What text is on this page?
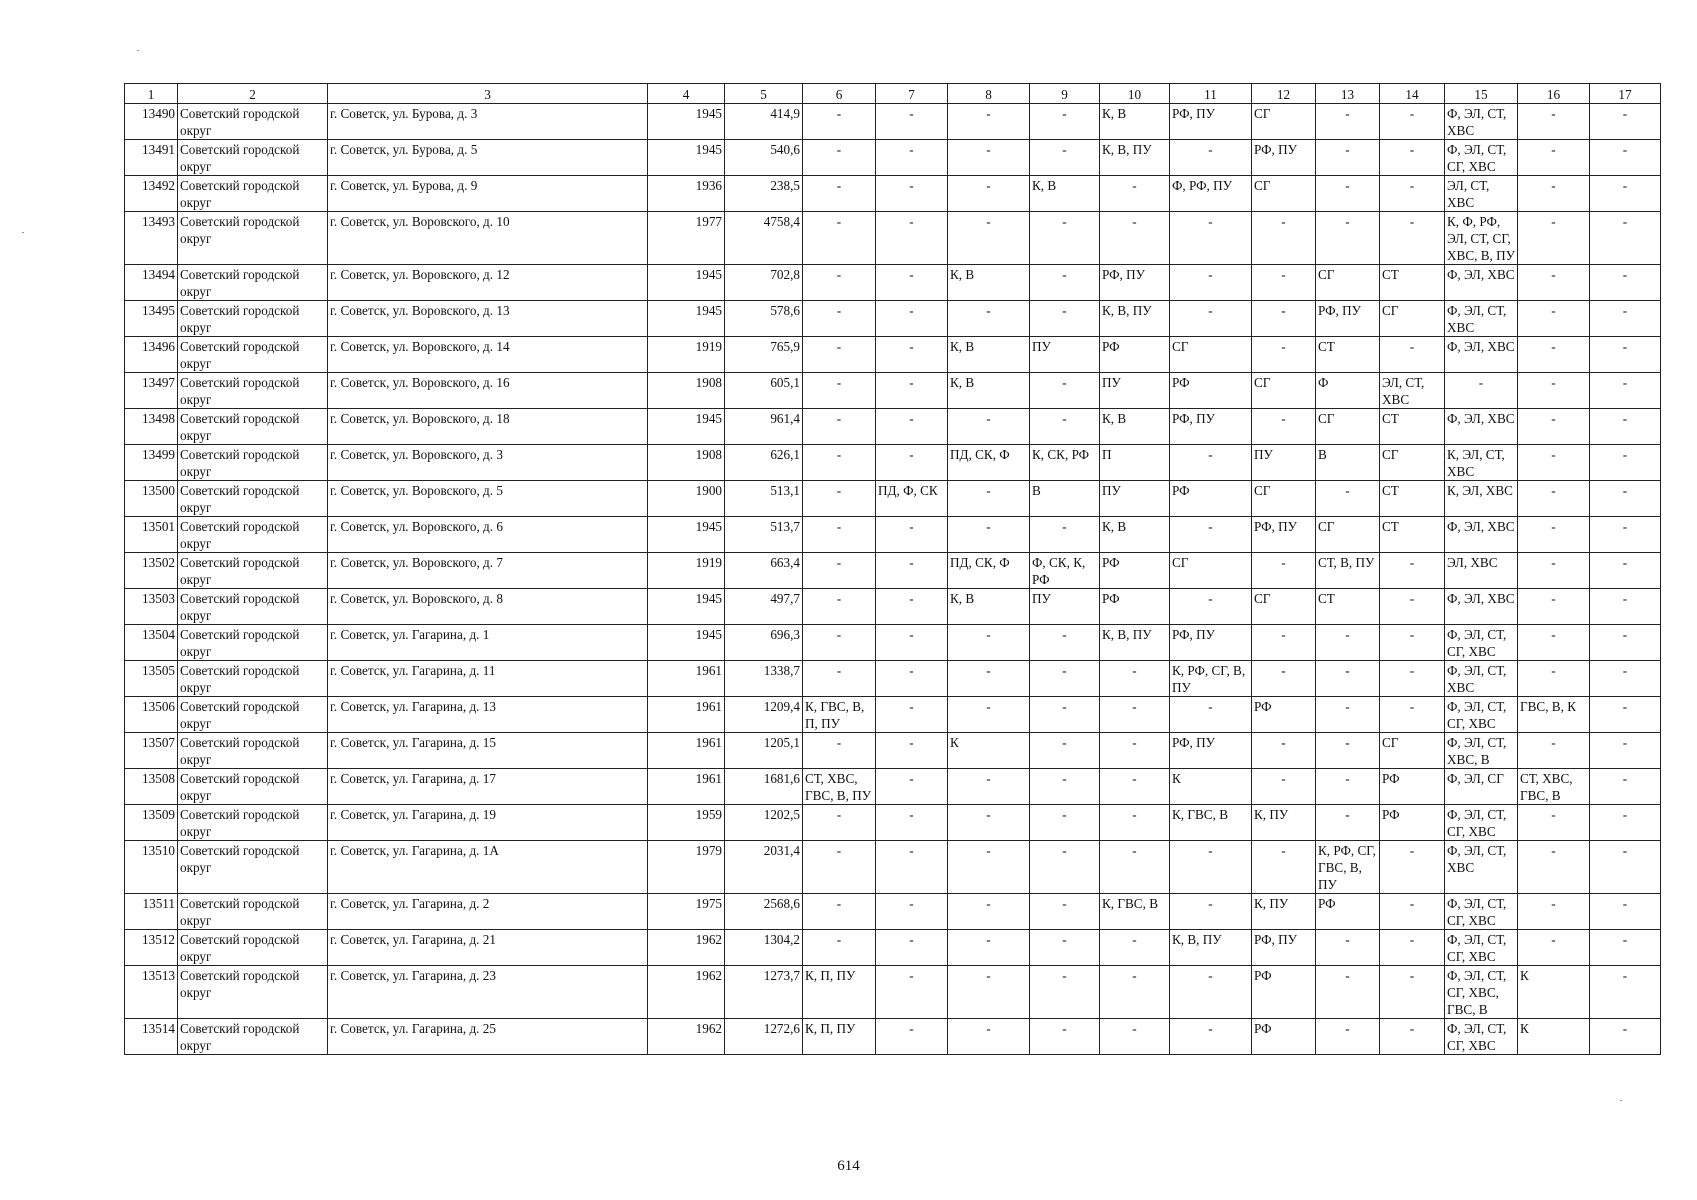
1	2	3	4	5	6	7	8	9	10	11	12	13	14	15	16	17
13490	Советский городской округ	г. Советск, ул. Бурова, д. 3	1945	414,9	-	-	-	-	К, В	РФ, ПУ	СГ	-	-	Ф, ЭЛ, СТ, ХВС	-	-
13491	Советский городской округ	г. Советск, ул. Бурова, д. 5	1945	540,6	-	-	-	-	К, В, ПУ	-	РФ, ПУ	-	-	Ф, ЭЛ, СТ, СГ, ХВС	-	-
13492	Советский городской округ	г. Советск, ул. Бурова, д. 9	1936	238,5	-	-	-	К, В	-	Ф, РФ, ПУ	СГ	-	-	ЭЛ, СТ, ХВС	-	-
13493	Советский городской округ	г. Советск, ул. Воровского, д. 10	1977	4758,4	-	-	-	-	-	-	-	-	-	К, Ф, РФ, ЭЛ, СТ, СГ, ХВС, В, ПУ	-	-
13494	Советский городской округ	г. Советск, ул. Воровского, д. 12	1945	702,8	-	-	К, В	-	РФ, ПУ	-	-	СГ	СТ	Ф, ЭЛ, ХВС	-	-
13495	Советский городской округ	г. Советск, ул. Воровского, д. 13	1945	578,6	-	-	-	-	К, В, ПУ	-	-	РФ, ПУ	СГ	Ф, ЭЛ, СТ, ХВС	-	-
13496	Советский городской округ	г. Советск, ул. Воровского, д. 14	1919	765,9	-	-	К, В	ПУ	РФ	СГ	-	СТ	-	Ф, ЭЛ, ХВС	-	-
13497	Советский городской округ	г. Советск, ул. Воровского, д. 16	1908	605,1	-	-	К, В	-	ПУ	РФ	СГ	Ф	ЭЛ, СТ, ХВС	-	-	-
13498	Советский городской округ	г. Советск, ул. Воровского, д. 18	1945	961,4	-	-	-	-	К, В	РФ, ПУ	-	СГ	СТ	Ф, ЭЛ, ХВС	-	-
13499	Советский городской округ	г. Советск, ул. Воровского, д. 3	1908	626,1	-	-	ПД, СК, Ф	К, СК, РФ	П	-	ПУ	В	СГ	К, ЭЛ, СТ, ХВС	-	-
13500	Советский городской округ	г. Советск, ул. Воровского, д. 5	1900	513,1	-	ПД, Ф, СК	-	В	ПУ	РФ	СГ	-	СТ	К, ЭЛ, ХВС	-	-
13501	Советский городской округ	г. Советск, ул. Воровского, д. 6	1945	513,7	-	-	-	-	К, В	-	РФ, ПУ	СГ	СТ	Ф, ЭЛ, ХВС	-	-
13502	Советский городской округ	г. Советск, ул. Воровского, д. 7	1919	663,4	-	-	ПД, СК, Ф	Ф, СК, К, РФ	РФ	СГ	-	СТ, В, ПУ	-	ЭЛ, ХВС	-	-
13503	Советский городской округ	г. Советск, ул. Воровского, д. 8	1945	497,7	-	-	К, В	ПУ	РФ	-	СГ	СТ	-	Ф, ЭЛ, ХВС	-	-
13504	Советский городской округ	г. Советск, ул. Гагарина, д. 1	1945	696,3	-	-	-	-	К, В, ПУ	РФ, ПУ	-	-	-	Ф, ЭЛ, СТ, СГ, ХВС	-	-
13505	Советский городской округ	г. Советск, ул. Гагарина, д. 11	1961	1338,7	-	-	-	-	-	К, РФ, СГ, В, ПУ	-	-	-	Ф, ЭЛ, СТ, ХВС	-	-
13506	Советский городской округ	г. Советск, ул. Гагарина, д. 13	1961	1209,4	К, ГВС, В, П, ПУ	-	-	-	-	-	РФ	-	-	Ф, ЭЛ, СТ, СГ, ХВС	ГВС, В, К	-
13507	Советский городской округ	г. Советск, ул. Гагарина, д. 15	1961	1205,1	-	-	К	-	-	РФ, ПУ	-	-	СГ	Ф, ЭЛ, СТ, ХВС, В	-	-
13508	Советский городской округ	г. Советск, ул. Гагарина, д. 17	1961	1681,6	СТ, ХВС, ГВС, В, ПУ	-	-	-	-	К	-	-	РФ	Ф, ЭЛ, СГ	СТ, ХВС, ГВС, В	-
13509	Советский городской округ	г. Советск, ул. Гагарина, д. 19	1959	1202,5	-	-	-	-	-	К, ГВС, В	К, ПУ	-	РФ	Ф, ЭЛ, СТ, СГ, ХВС	-	-
13510	Советский городской округ	г. Советск, ул. Гагарина, д. 1А	1979	2031,4	-	-	-	-	-	-	-	К, РФ, СГ, ГВС, В, ПУ	-	Ф, ЭЛ, СТ, ХВС	-	-
13511	Советский городской округ	г. Советск, ул. Гагарина, д. 2	1975	2568,6	-	-	-	-	К, ГВС, В	-	К, ПУ	РФ	-	Ф, ЭЛ, СТ, СГ, ХВС	-	-
13512	Советский городской округ	г. Советск, ул. Гагарина, д. 21	1962	1304,2	-	-	-	-	-	К, В, ПУ	РФ, ПУ	-	-	Ф, ЭЛ, СТ, СГ, ХВС	-	-
13513	Советский городской округ	г. Советск, ул. Гагарина, д. 23	1962	1273,7	К, П, ПУ	-	-	-	-	-	РФ	-	-	Ф, ЭЛ, СТ, СГ, ХВС, ГВС, В	К	-
13514	Советский городской округ	г. Советск, ул. Гагарина, д. 25	1962	1272,6	К, П, ПУ	-	-	-	-	-	РФ	-	-	Ф, ЭЛ, СТ, СГ, ХВС	К	-
614
